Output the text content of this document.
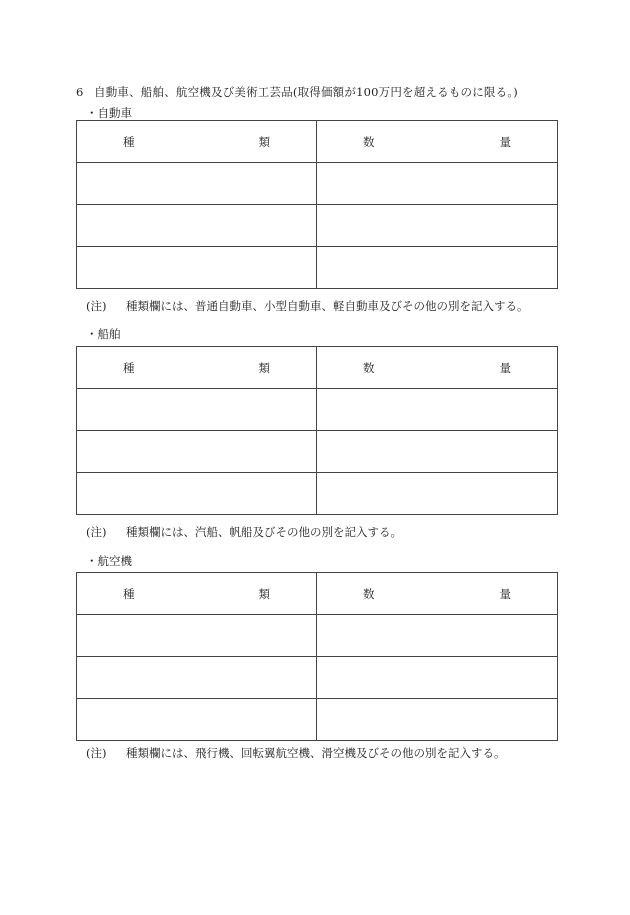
6 自動車、船舶、航空機及び美術工芸品(取得価額が100万円を超えるものに限る。)
・自動車
種 類	数 量

(注) 種類欄には、普通自動車、小型自動車、軽自動車及びその他の別を記入する。
・船舶
種 類	数 量

(注) 種類欄には、汽船、帆船及びその他の別を記入する。
・航空機
種 類	数 量

(注) 種類欄には、飛行機、回転翼航空機、滑空機及びその他の別を記入する。
